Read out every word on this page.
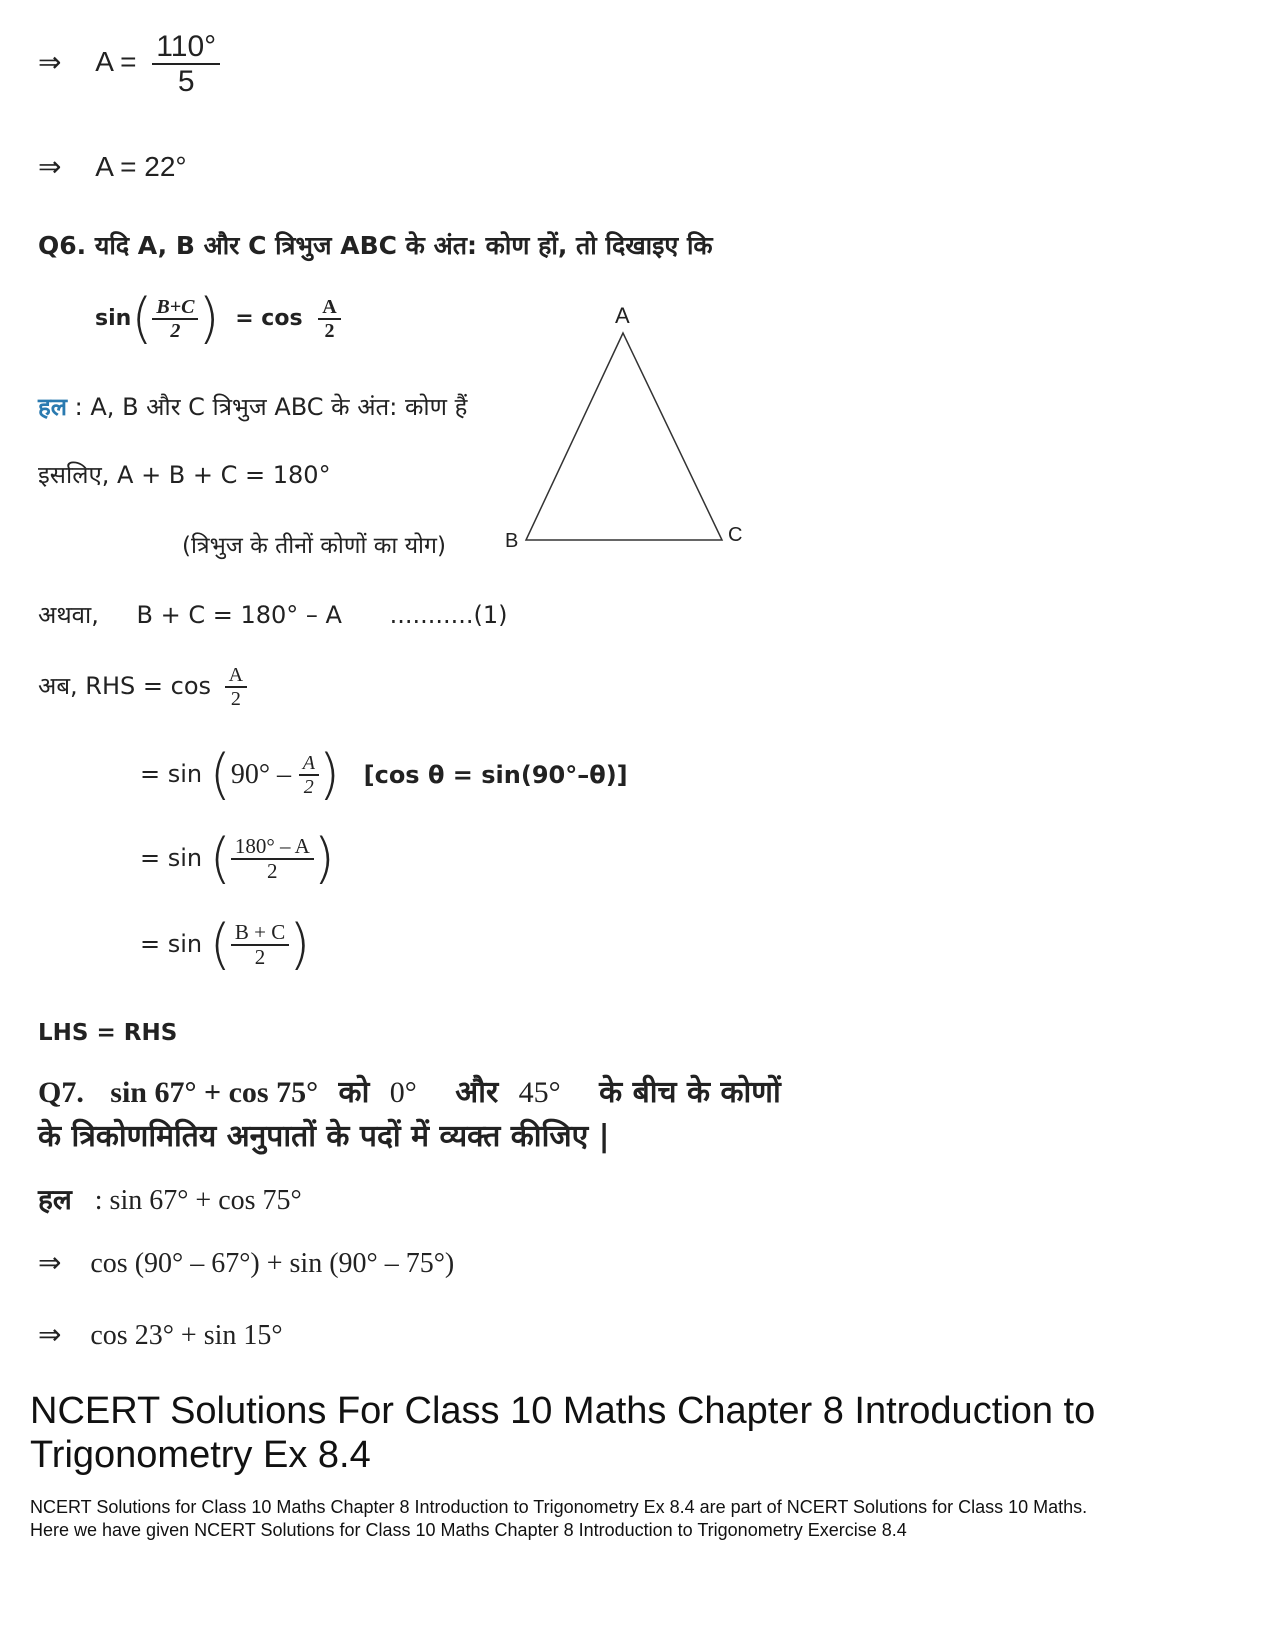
⇒ $A = \frac{110^\circ}{5}$
⇒ A = 22°
Q6. यदि A, B और C त्रिभुज ABC के अंत: कोण हों, तो दिखाइए कि
$\sin( \frac{B+C}{2}$ ) = $\cos \frac{A}{2}$
हल : A, B और C त्रिभुज ABC के अंत: कोण हैं
इसलिए, A + B + C = 180°
(त्रिभुज के तीनों कोणों का योग)
अथवा, B + C = 180° – A ...........(1)
अब, RHS = $\cos \frac{A}{2}$
= $\sin (90^\circ - \frac{A}{2}$ ) [cos θ = sin(90°–θ)]
= sin ( $\frac{180^\circ - A}{2}$ )
= sin ( $\frac{B + C}{2}$ )
LHS = RHS
A
B	C
Q7. sin 67° + cos 75° को 0° और 45° के बीच के कोणों
के त्रिकोणमितिय अनुपातों के पदों में व्यक्त कीजिए |
हल : sin 67° + cos 75°
⇒ cos (90° – 67°) + sin (90° – 75°)
⇒ cos 23° + sin 15°
NCERT Solutions For Class 10 Maths Chapter 8 Introduction to
Trigonometry Ex 8.4
NCERT Solutions for Class 10 Maths Chapter 8 Introduction to Trigonometry Ex 8.4 are part of NCERT Solutions for Class 10 Maths.
Here we have given NCERT Solutions for Class 10 Maths Chapter 8 Introduction to Trigonometry Exercise 8.4
